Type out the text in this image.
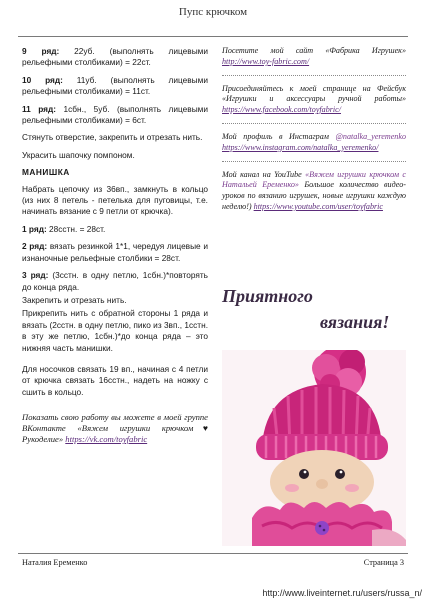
Пупс крючком

9 ряд: 22уб. (выполнять лицевыми рельефными столбиками) = 22ст.

10 ряд: 11уб. (выполнять лицевыми рельефными столбиками) = 11ст.

11 ряд: 1сбн., 5уб. (выполнять лицевыми рельефными столбиками) = 6ст.

Стянуть отверстие, закрепить и отрезать нить.

Украсить шапочку помпоном.

МАНИШКА

Набрать цепочку из 36вп., замкнуть в кольцо (из них 8 петель - петелька для пуговицы, т.е. начинать вязание с 9 петли от крючка).

1 ряд: 28сстн. = 28ст.

2 ряд: вязать резинкой 1*1, чередуя лицевые и изнаночные рельефные столбики = 28ст.

3 ряд: (3сстн. в одну петлю, 1сбн.)*повторять до конца ряда.

Закрепить и отрезать нить.

Прикрепить нить с обратной стороны 1 ряда и вязать (2сстн. в одну петлю, пико из 3вп., 1сстн. в эту же петлю, 1сбн.)*до конца ряда – это нижняя часть манишки.

Для носочков связать 19 вп., начиная с 4 петли от крючка связать 16сстн., надеть на ножку с сшить в кольцо.

Показать свою работу вы можете в моей группе ВКонтакте «Вяжем игрушки крючком♥ Рукоделие» https://vk.com/toyfabric

Посетите мой сайт «Фабрика Игрушек» http://www.toy-fabric.com/

Присоединяйтесь к моей странице на Фейсбук «Игрушки и аксессуары ручной работы» https://www.facebook.com/toyfabric/

Мой профиль в Инстаграм @natalka_yeremenko https://www.instagram.com/natalka_yeremenko/

Мой канал на YouTube «Вяжем игрушки крючком с Натальей Еременко» Большое количество видео-уроков по вязанию игрушек, новые игрушки каждую неделю!) https://www.youtube.com/user/toyfabric

Приятного
вязания!
Наталия Еременко	Страница 3
http://www.liveinternet.ru/users/russa_n/
